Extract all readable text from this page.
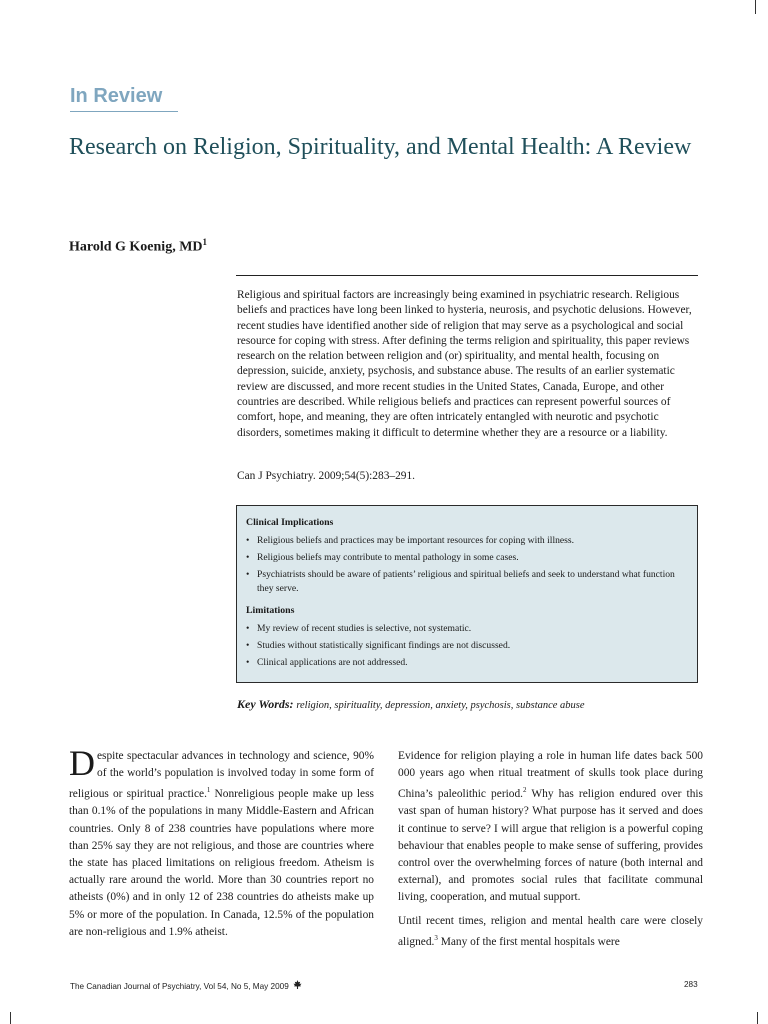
In Review
Research on Religion, Spirituality, and Mental Health: A Review
Harold G Koenig, $MD^1$
Religious and spiritual factors are increasingly being examined in psychiatric research. Religious beliefs and practices have long been linked to hysteria, neurosis, and psychotic delusions. However, recent studies have identified another side of religion that may serve as a psychological and social resource for coping with stress. After defining the terms religion and spirituality, this paper reviews research on the relation between religion and (or) spirituality, and mental health, focusing on depression, suicide, anxiety, psychosis, and substance abuse. The results of an earlier systematic review are discussed, and more recent studies in the United States, Canada, Europe, and other countries are described. While religious beliefs and practices can represent powerful sources of comfort, hope, and meaning, they are often intricately entangled with neurotic and psychotic disorders, sometimes making it difficult to determine whether they are a resource or a liability.
Can J Psychiatry. 2009;54(5):283–291.
Clinical Implications
• Religious beliefs and practices may be important resources for coping with illness.
• Religious beliefs may contribute to mental pathology in some cases.
• Psychiatrists should be aware of patients’ religious and spiritual beliefs and seek to understand what function they serve.
Limitations
• My review of recent studies is selective, not systematic.
• Studies without statistically significant findings are not discussed.
• Clinical applications are not addressed.
Key Words: religion, spirituality, depression, anxiety, psychosis, substance abuse

Despite spectacular advances in technology and science, 90% of the world’s population is involved today in some form of religious or spiritual practice.$^1$ Nonreligious people make up less than 0.1% of the populations in many Middle-Eastern and African countries. Only 8 of 238 countries have populations where more than 25% say they are not religious, and those are countries where the state has placed limitations on religious freedom. Atheism is actually rare around the world. More than 30 countries report no atheists (0%) and in only 12 of 238 countries do atheists make up 5% or more of the population. In Canada, 12.5% of the population are non-religious and 1.9% atheist.

Evidence for religion playing a role in human life dates back 500 000 years ago when ritual treatment of skulls took place during China’s paleolithic period.$^2$ Why has religion endured over this vast span of human history? What purpose has it served and does it continue to serve? I will argue that religion is a powerful coping behaviour that enables people to make sense of suffering, provides control over the overwhelming forces of nature (both internal and external), and promotes social rules that facilitate communal living, cooperation, and mutual support.

Until recent times, religion and mental health care were closely aligned.$^3$ Many of the first mental hospitals were

The Canadian Journal of Psychiatry, Vol 54, No 5, May 2009	283
